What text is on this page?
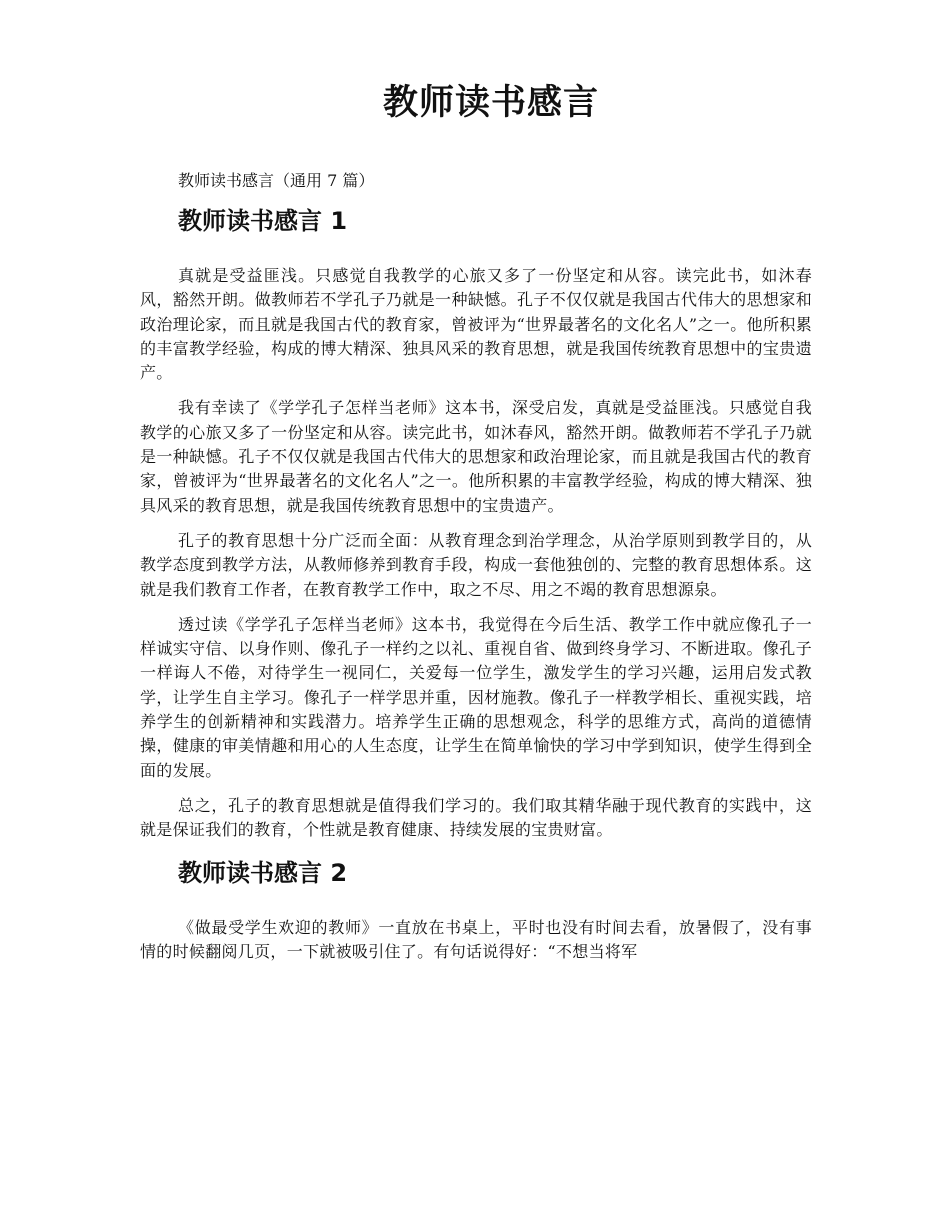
教师读书感言

教师读书感言（通用 7 篇）

教师读书感言 1

真就是受益匪浅。只感觉自我教学的心旅又多了一份坚定和从容。读完此书，如沐春风，豁然开朗。做教师若不学孔子乃就是一种缺憾。孔子不仅仅就是我国古代伟大的思想家和政治理论家，而且就是我国古代的教育家，曾被评为“世界最著名的文化名人”之一。他所积累的丰富教学经验，构成的博大精深、独具风采的教育思想，就是我国传统教育思想中的宝贵遗产。

我有幸读了《学学孔子怎样当老师》这本书，深受启发，真就是受益匪浅。只感觉自我教学的心旅又多了一份坚定和从容。读完此书，如沐春风，豁然开朗。做教师若不学孔子乃就是一种缺憾。孔子不仅仅就是我国古代伟大的思想家和政治理论家，而且就是我国古代的教育家，曾被评为“世界最著名的文化名人”之一。他所积累的丰富教学经验，构成的博大精深、独具风采的教育思想，就是我国传统教育思想中的宝贵遗产。

孔子的教育思想十分广泛而全面：从教育理念到治学理念，从治学原则到教学目的，从教学态度到教学方法，从教师修养到教育手段，构成一套他独创的、完整的教育思想体系。这就是我们教育工作者，在教育教学工作中，取之不尽、用之不竭的教育思想源泉。

透过读《学学孔子怎样当老师》这本书，我觉得在今后生活、教学工作中就应像孔子一样诚实守信、以身作则、像孔子一样约之以礼、重视自省、做到终身学习、不断进取。像孔子一样诲人不倦，对待学生一视同仁，关爱每一位学生，激发学生的学习兴趣，运用启发式教学，让学生自主学习。像孔子一样学思并重，因材施教。像孔子一样教学相长、重视实践，培养学生的创新精神和实践潜力。培养学生正确的思想观念，科学的思维方式，高尚的道德情操，健康的审美情趣和用心的人生态度，让学生在简单愉快的学习中学到知识，使学生得到全面的发展。

总之，孔子的教育思想就是值得我们学习的。我们取其精华融于现代教育的实践中，这就是保证我们的教育，个性就是教育健康、持续发展的宝贵财富。

教师读书感言 2

《做最受学生欢迎的教师》一直放在书桌上，平时也没有时间去看，放暑假了，没有事情的时候翻阅几页，一下就被吸引住了。有句话说得好：“不想当将军
